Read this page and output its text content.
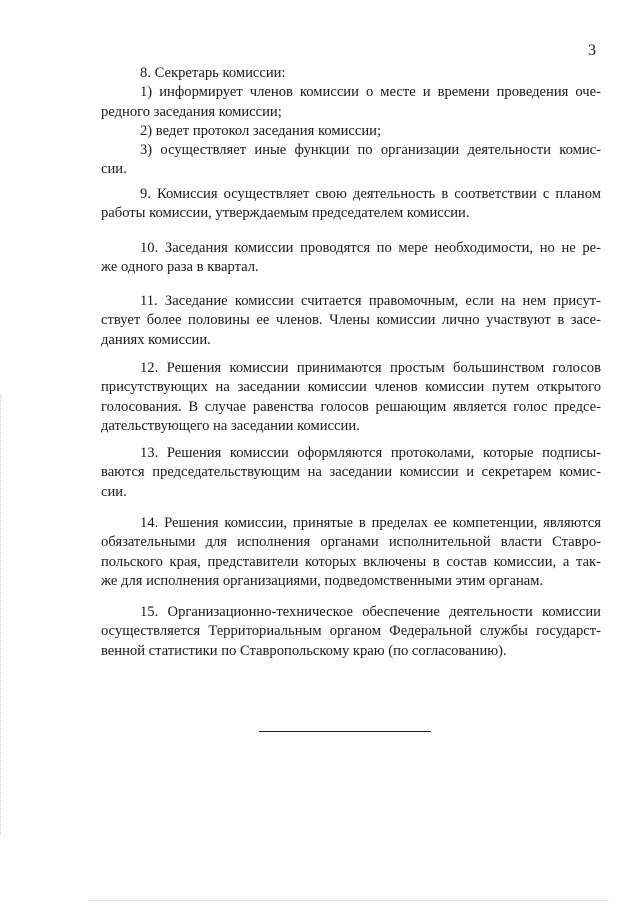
3
8. Секретарь комиссии:
1) информирует членов комиссии о месте и времени проведения оче-
редного заседания комиссии;
2) ведет протокол заседания комиссии;
3) осуществляет иные функции по организации деятельности комис-
сии.
9. Комиссия осуществляет свою деятельность в соответствии с планом
работы комиссии, утверждаемым председателем комиссии.
10. Заседания комиссии проводятся по мере необходимости, но не ре-
же одного раза в квартал.
11. Заседание комиссии считается правомочным, если на нем присут-
ствует более половины ее членов. Члены комиссии лично участвуют в засе-
даниях комиссии.
12. Решения комиссии принимаются простым большинством голосов
присутствующих на заседании комиссии членов комиссии путем открытого
голосования. В случае равенства голосов решающим является голос предсе-
дательствующего на заседании комиссии.
13. Решения комиссии оформляются протоколами, которые подписы-
ваются председательствующим на заседании комиссии и секретарем комис-
сии.
14. Решения комиссии, принятые в пределах ее компетенции, являются
обязательными для исполнения органами исполнительной власти Ставро-
польского края, представители которых включены в состав комиссии, а так-
же для исполнения организациями, подведомственными этим органам.
15. Организационно-техническое обеспечение деятельности комиссии
осуществляется Территориальным органом Федеральной службы государст-
венной статистики по Ставропольскому краю (по согласованию).
